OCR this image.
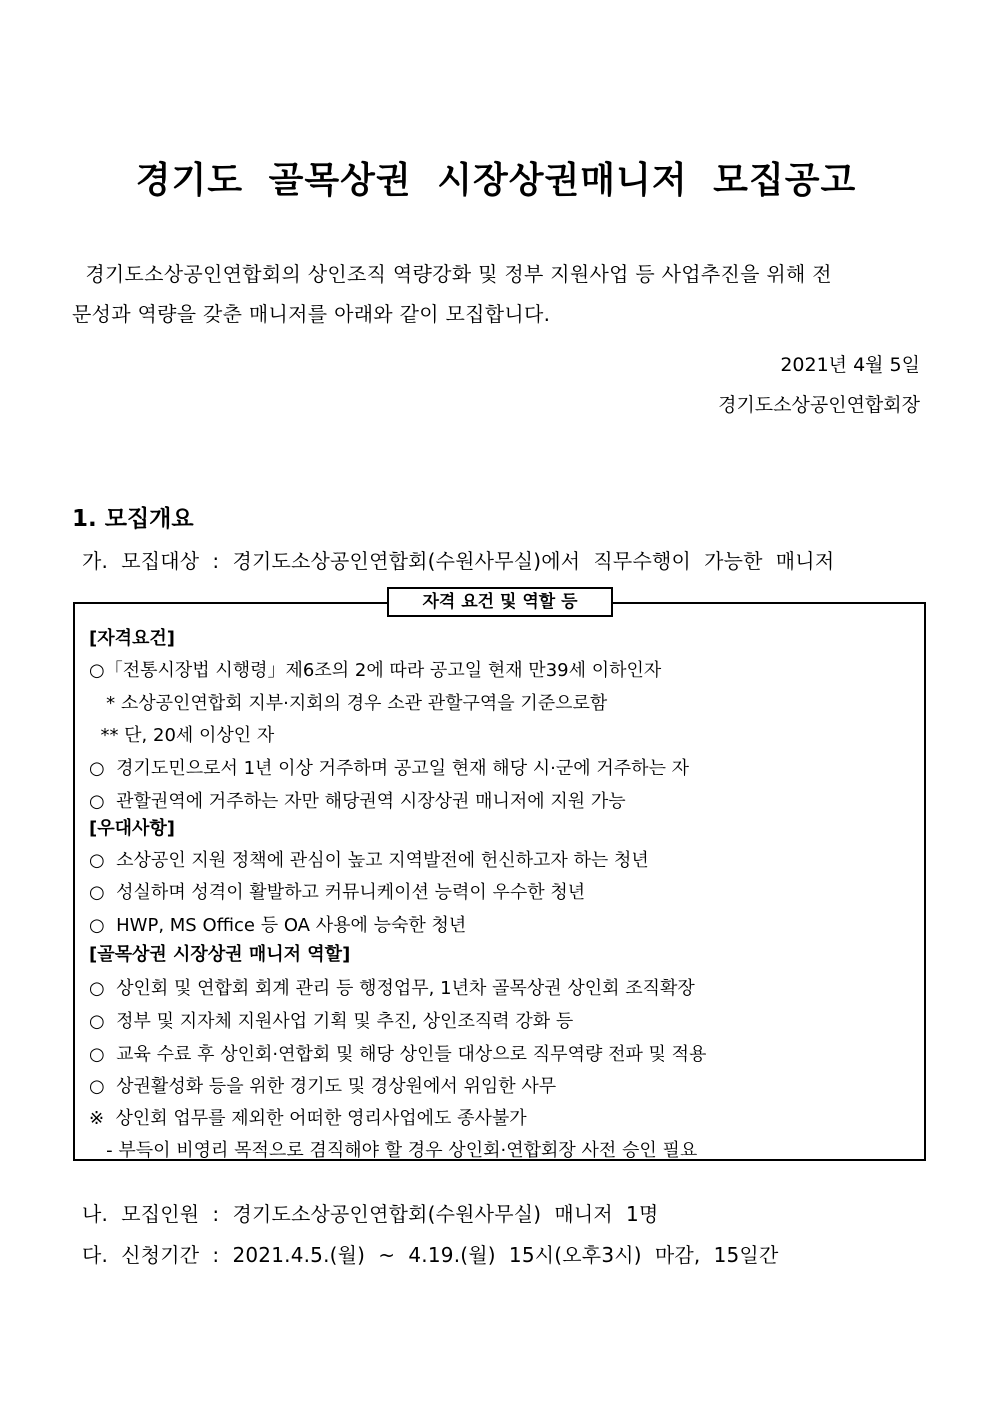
경기도 골목상권 시장상권매니저 모집공고
경기도소상공인연합회의 상인조직 역량강화 및 정부 지원사업 등 사업추진을 위해 전
문성과 역량을 갖춘 매니저를 아래와 같이 모집합니다.
2021년 4월 5일
경기도소상공인연합회장
1. 모집개요
가.  모집대상  :  경기도소상공인연합회(수원사무실)에서  직무수행이  가능한  매니저
자격 요건 및 역할 등
[자격요건]
○「전통시장법 시행령」제6조의 2에 따라 공고일 현재 만39세 이하인자
* 소상공인연합회 지부·지회의 경우 소관 관할구역을 기준으로함
** 단, 20세 이상인 자
○  경기도민으로서 1년 이상 거주하며 공고일 현재 해당 시·군에 거주하는 자
○  관할권역에 거주하는 자만 해당권역 시장상권 매니저에 지원 가능
[우대사항]
○  소상공인 지원 정책에 관심이 높고 지역발전에 헌신하고자 하는 청년
○  성실하며 성격이 활발하고 커뮤니케이션 능력이 우수한 청년
○  HWP, MS Office 등 OA 사용에 능숙한 청년
[골목상권 시장상권 매니저 역할]
○  상인회 및 연합회 회계 관리 등 행정업무, 1년차 골목상권 상인회 조직확장
○  정부 및 지자체 지원사업 기획 및 추진, 상인조직력 강화 등
○  교육 수료 후 상인회·연합회 및 해당 상인들 대상으로 직무역량 전파 및 적용
○  상권활성화 등을 위한 경기도 및 경상원에서 위임한 사무
※  상인회 업무를 제외한 어떠한 영리사업에도 종사불가
- 부득이 비영리 목적으로 겸직해야 할 경우 상인회·연합회장 사전 승인 필요
나.  모집인원  :  경기도소상공인연합회(수원사무실)  매니저  1명
다.  신청기간  :  2021.4.5.(월)  ~  4.19.(월)  15시(오후3시)  마감,  15일간
